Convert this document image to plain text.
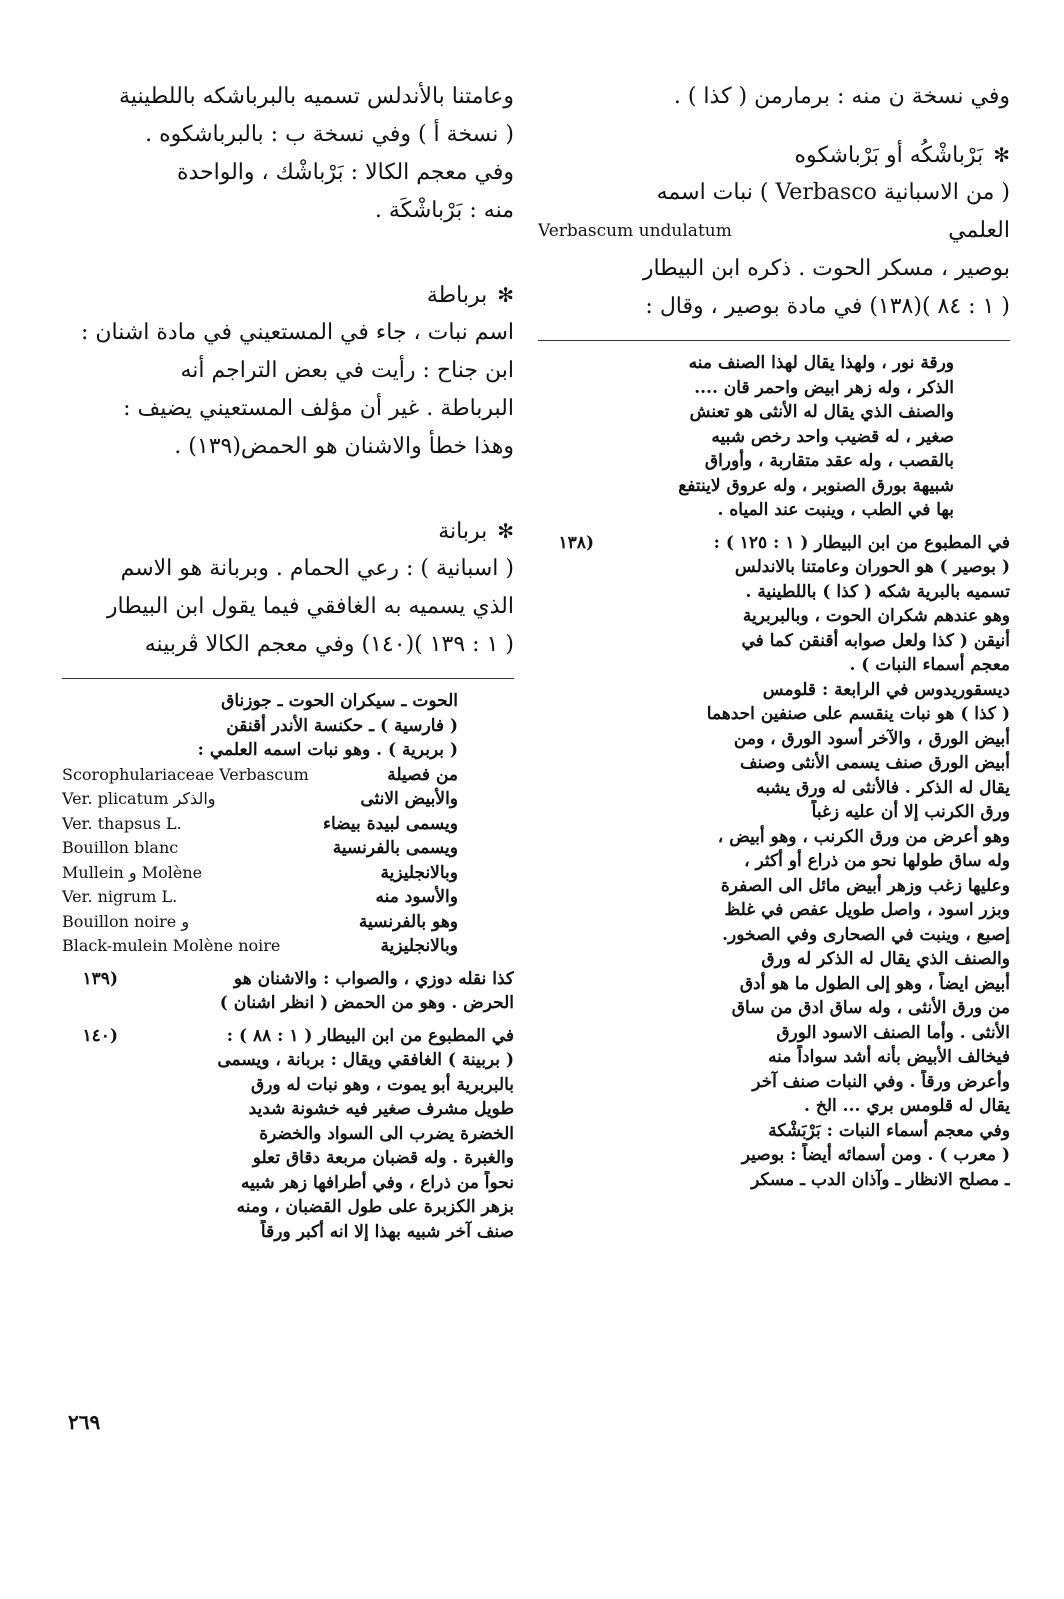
وفي نسخة ن منه : برمارمن ( كذا ) .
✻بَرْباشْكُه أو بَرْباشكوه
( من الاسبانية Verbasco ) نبات اسمه
العلمي
Verbascum undulatum
بوصير ، مسكر الحوت . ذكره ابن البيطار
( ١ : ٨٤ )(١٣٨) في مادة بوصير ، وقال :
ورقة نور ، ولهذا يقال لهذا الصنف منه
الذكر ، وله زهر ابيض واحمر قان ....
والصنف الذي يقال له الأنثى هو تعنش
صغير ، له قضيب واحد رخص شبيه
بالقصب ، وله عقد متقاربة ، وأوراق
شبيهة بورق الصنوبر ، وله عروق لاينتفع
بها في الطب ، وينبت عند المياه .
في المطبوع من ابن البيطار ( ١ : ١٢٥ ) :
( بوصير ) هو الحوران وعامتنا بالاندلس
تسميه بالبرية شكه ( كذا ) باللطينية .
وهو عندهم شكران الحوت ، وبالبربرية
أنيقن ( كذا ولعل صوابه أقنقن كما في
معجم أسماء النبات ) .
ديسقوريدوس في الرابعة : قلومس
( كذا ) هو نبات ينقسم على صنفين احدهما
أبيض الورق ، والآخر أسود الورق ، ومن
أبيض الورق صنف يسمى الأنثى وصنف
يقال له الذكر . فالأنثى له ورق يشبه
ورق الكرنب إلا أن عليه زغباً
وهو أعرض من ورق الكرنب ، وهو أبيض ،
وله ساق طولها نحو من ذراع أو أكثر ،
وعليها زغب وزهر أبيض مائل الى الصفرة
وبزر اسود ، واصل طويل عفص في غلظ
إصبع ، وينبت في الصحارى وفي الصخور.
والصنف الذي يقال له الذكر له ورق
أبيض ايضاً ، وهو إلى الطول ما هو أدق
من ورق الأنثى ، وله ساق ادق من ساق
الأنثى . وأما الصنف الاسود الورق
فيخالف الأبيض بأنه أشد سواداً منه
وأعرض ورقاً . وفي النبات صنف آخر
يقال له قلومس بري ... الخ .
وفي معجم أسماء النبات : بَرْبَشْكة
( معرب ) . ومن أسمائه أيضاً : بوصير
ـ مصلح الانظار ـ وآذان الدب ـ مسكر
(١٣٨
وعامتنا بالأندلس تسميه بالبرباشكه باللطينية
( نسخة أ ) وفي نسخة ب : بالبرباشكوه .
وفي معجم الكالا : بَرْباشْك ، والواحدة
منه : بَرْباشْكَة .
✻برباطة
اسم نبات ، جاء في المستعيني في مادة اشنان :
ابن جناح : رأيت في بعض التراجم أنه
البرباطة . غير أن مؤلف المستعيني يضيف :
وهذا خطأ والاشنان هو الحمض(١٣٩) .
✻بربانة
( اسبانية ) : رعي الحمام . وبربانة هو الاسم
الذي يسميه به الغافقي فيما يقول ابن البيطار
( ١ : ١٣٩ )(١٤٠) وفي معجم الكالا ڤربينه
الحوت ـ سيكران الحوت ـ جوزناق
( فارسية ) ـ حكنسة الأندر أقنقن
( بربرية ) . وهو نبات اسمه العلمي :
من فصيلة
Scorophulariaceae Verbascum
والأبيض الانثى
Ver. plicatum والذكر
ويسمى لبيدة بيضاء
Ver. thapsus L.
ويسمى بالفرنسية
Bouillon blanc
وبالانجليزية
Mullein و Molène
والأسود منه
Ver. nigrum L.
وهو بالفرنسية
Bouillon noire و
وبالانجليزية
Black-mulein Molène noire
كذا نقله دوزي ، والصواب : والاشنان هو
الحرض . وهو من الحمض ( انظر اشنان )
(١٣٩
في المطبوع من ابن البيطار ( ١ : ٨٨ ) :
( بربينة ) الغافقي ويقال : بربانة ، ويسمى
بالبربرية أبو يموت ، وهو نبات له ورق
طويل مشرف صغير فيه خشونة شديد
الخضرة يضرب الى السواد والخضرة
والغبرة . وله قضبان مربعة دقاق تعلو
نحواً من ذراع ، وفي أطرافها زهر شبيه
بزهر الكزبرة على طول القضبان ، ومنه
صنف آخر شبيه بهذا إلا انه أكبر ورقاً
(١٤٠
٢٦٩
